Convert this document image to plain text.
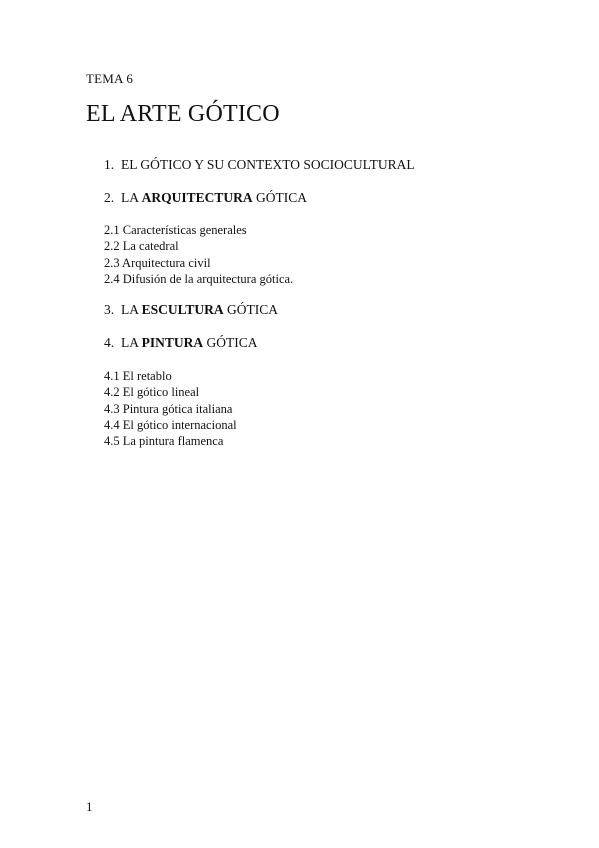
TEMA 6
EL ARTE GÓTICO
1. EL GÓTICO Y SU CONTEXTO SOCIOCULTURAL
2. LA ARQUITECTURA GÓTICA
2.1 Características generales
2.2 La catedral
2.3 Arquitectura civil
2.4 Difusión de la arquitectura gótica.
3. LA ESCULTURA GÓTICA
4. LA PINTURA GÓTICA
4.1 El retablo
4.2 El gótico lineal
4.3 Pintura gótica italiana
4.4 El gótico internacional
4.5 La pintura flamenca
1
